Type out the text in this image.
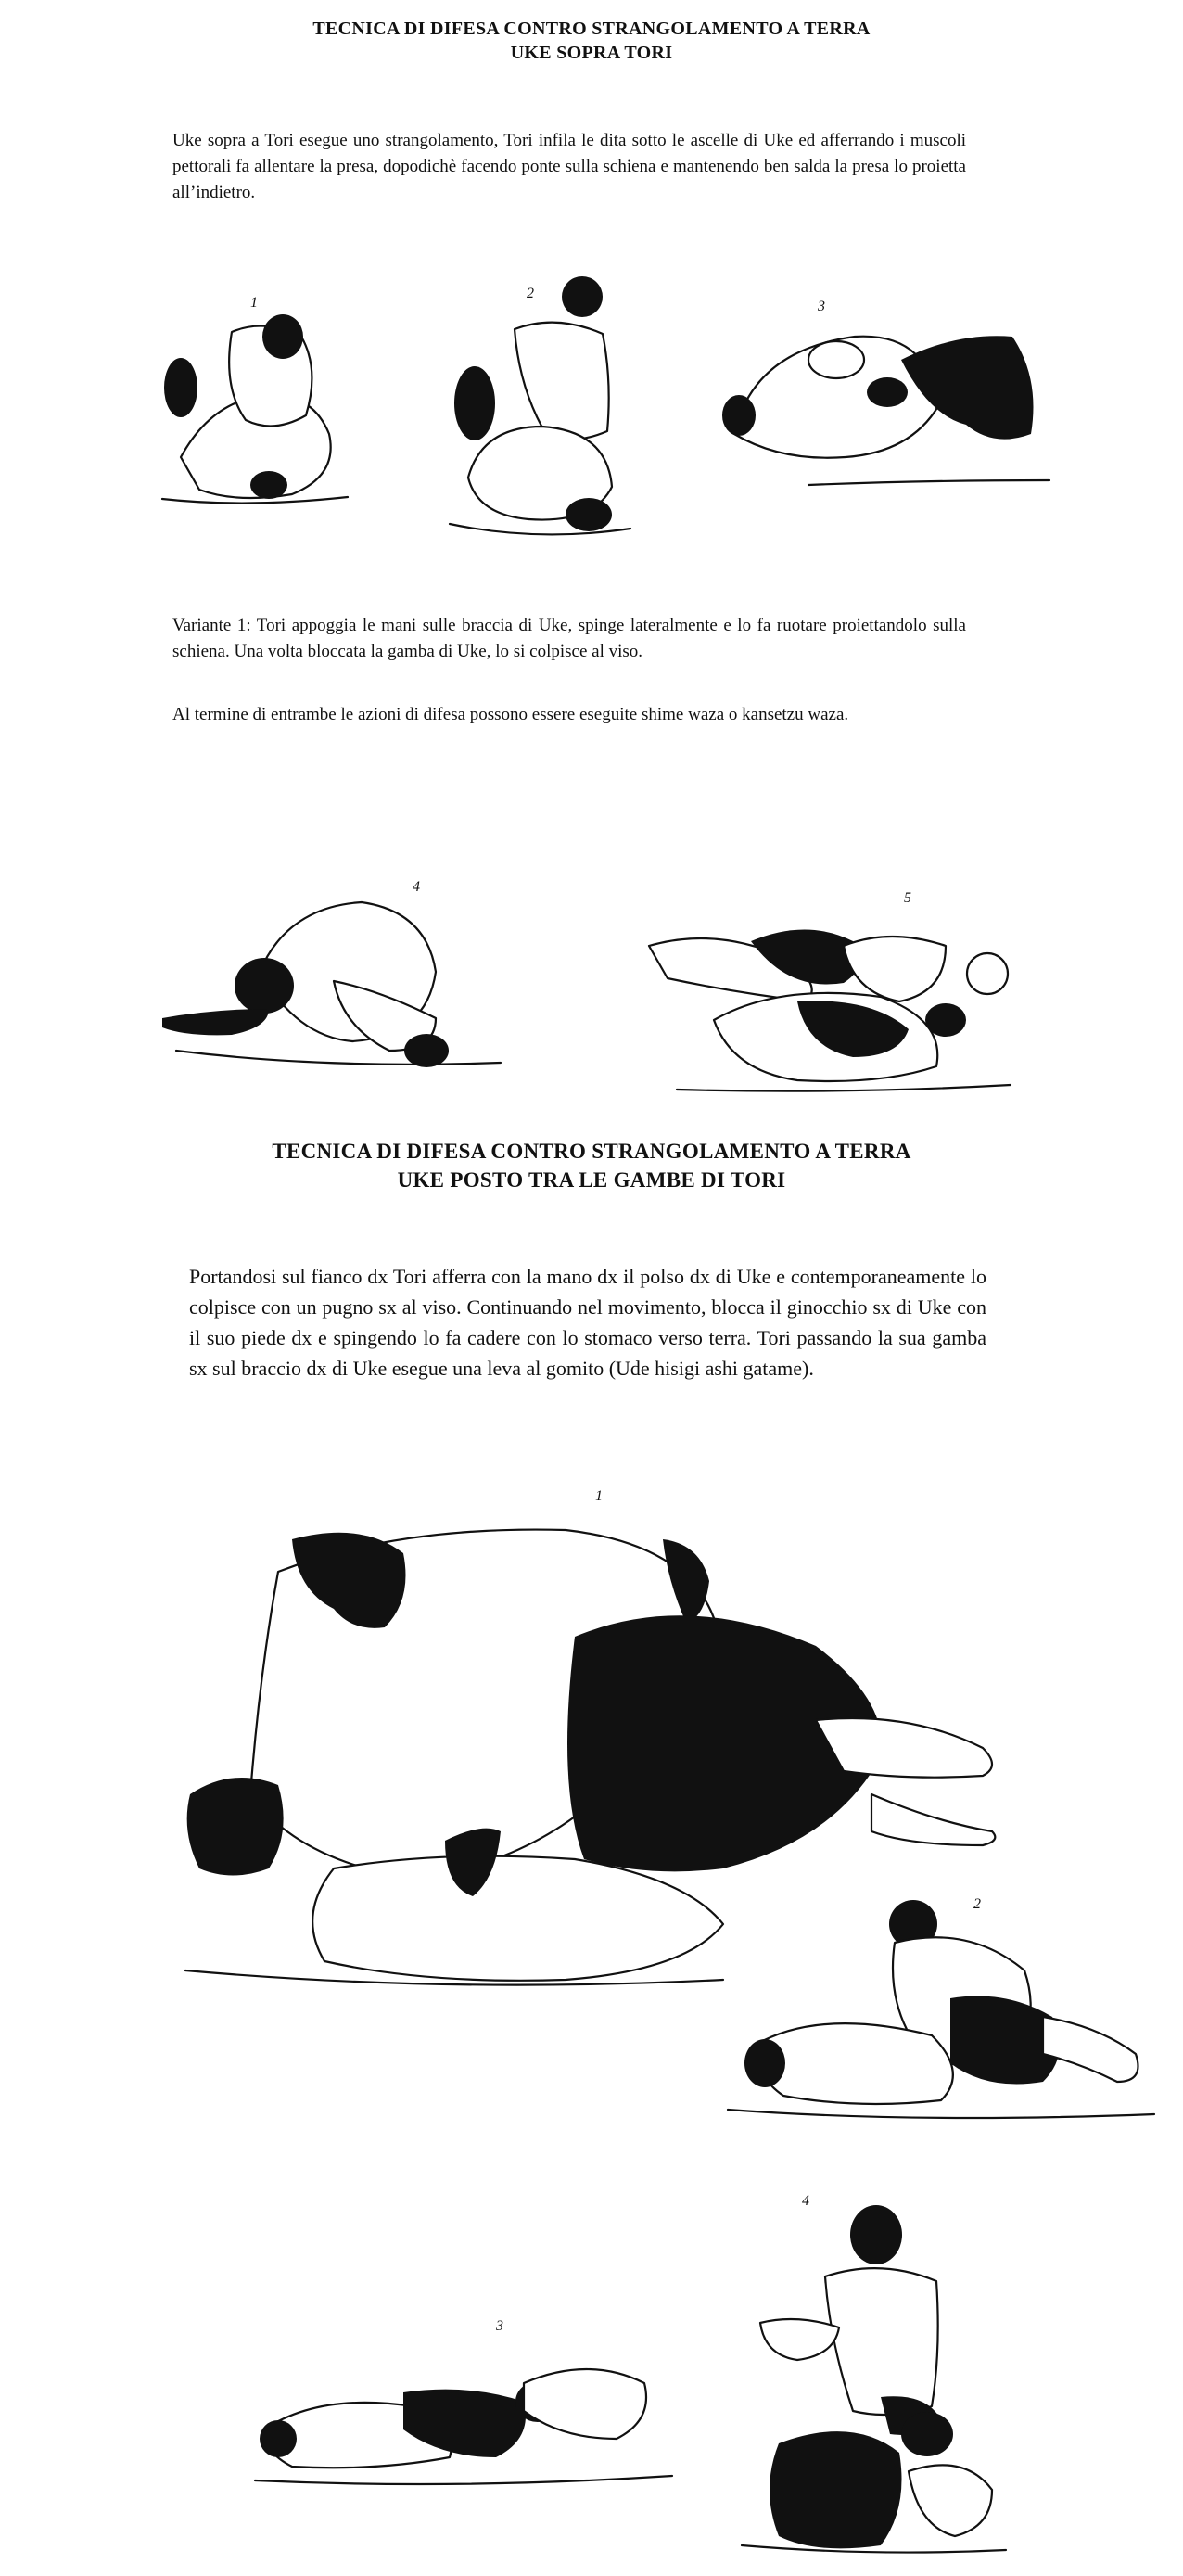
TECNICA DI DIFESA CONTRO STRANGOLAMENTO A TERRA
UKE SOPRA TORI
Uke sopra a Tori esegue uno strangolamento, Tori infila le dita sotto le ascelle di Uke ed afferrando i muscoli pettorali fa allentare la presa, dopodichè facendo ponte sulla schiena e mantenendo ben salda la presa lo proietta all’indietro.
1
2
3
Variante 1: Tori appoggia le mani sulle braccia di Uke, spinge lateralmente e lo fa ruotare proiettandolo sulla schiena. Una volta bloccata la gamba di Uke, lo si colpisce al viso.
Al termine di entrambe le azioni di difesa possono essere eseguite shime waza o kansetzu waza.
4
5
TECNICA DI DIFESA CONTRO STRANGOLAMENTO A TERRA
UKE POSTO TRA LE GAMBE DI TORI
Portandosi sul fianco dx Tori afferra con la mano dx il polso dx di Uke e contemporaneamente lo colpisce con un pugno sx al viso. Continuando nel movimento, blocca il ginocchio sx di Uke con il suo piede dx e spingendo lo fa cadere con lo stomaco verso terra. Tori passando la sua gamba sx sul braccio dx di Uke esegue una leva al gomito (Ude hisigi ashi gatame).
1
2
3
4
